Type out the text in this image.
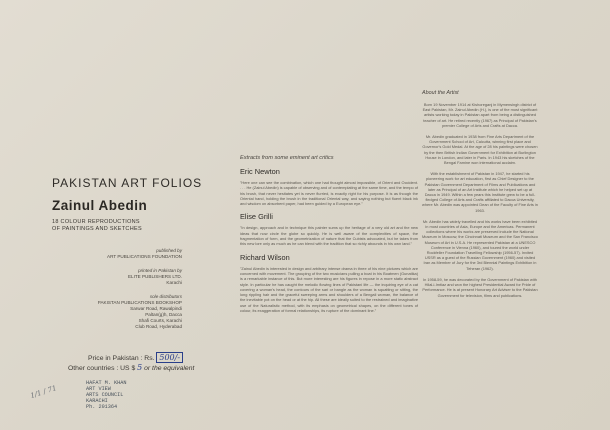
PAKISTAN ART FOLIOS
Zainul Abedin
18 COLOUR REPRODUCTIONS
OF PAINTINGS AND SKETCHES
published by
ART PUBLICATIONS FOUNDATION
printed in Pakistan by
ELITE PUBLISHERS LTD.
Karachi
sole distributors
PAKISTAN PUBLICATIONS BOOKSHOP
Sarwar Road, Rawalpindi
Paltan(g)h, Dacca
Shafi Courts, Karachi
Club Road, Hyderabad
Price in Pakistan : Rs. 500/-
Other countries : US $ 5 or the equivalent
HAFAT M. KHAN
ART VIEW
ARTS COUNCIL
KARACHI
Ph. 201364
1/1 / 71
Extracts from some eminent art critics
Eric Newton
"Here one can see the combination, which one had thought almost impossible, of Orient and Occident. . . . He (Zainul Abedin) is capable of observing and of contemplating at the same time, and the tempo of his brush, that never hesitates yet is never flurried, is exactly right for his purpose. It is as though the Oriental hand, holding the brush in the traditional Oriental way, and saying nothing but fluent black ink and wisdom on absorbent paper, had been guided by a European eye."
Elise Grilli
"In design, approach and in technique this painter sums up the heritage of a very old art and the new ideas that now circle the globe so quickly. He is well aware of the complexities of space, the fragmentation of form, and the geometrization of nature that the Cubists advocated, but he takes from this new lore only as much as he can blend with the tradition that so richly abounds in his own land."
Richard Wilson
"Zainul Abedin is interested in design and arbitrary intense drama in three of his nine pictures which are concerned with movement. The grouping of the two musicians pulling a boat in his Boatmen (Gunatika) is a remarkable instance of this. But more interesting are his figures in repose in a more static abstract style. In particular he has caught the melodic flowing lines of Pakistani life — the inquiring eye of a cat covering a woman's head, the contours of the sari or bangle as the woman is squatting or sitting, the long rippling hair and the graceful sweeping arms and shoulders of a Bengali woman, the balance of the inevitable pot on the head or at the hip. All these are ideally suited to the restrained and imaginative use of the Naturalistic method, with its emphasis on geometrical shapes, on the different tones of colour, its exaggeration of formal relationships, its rupture of the dominant line."
About the Artist
Born 19 November 1914 at Kishoreganj in Mymensingh district of East Pakistan, Mr. Zainul Abedin (H.), is one of the most significant artists working today in Pakistan apart from being a distinguished teacher of art. He retired recently (1967) as Principal of Pakistan's premier College of Arts and Crafts at Dacca.
Mr. Abedin graduated in 1938 from Fine Arts Department of the Government School of Art, Calcutta, winning first place and Governor's Gold Medal. At the age of 28 his paintings were chosen by the then British Indian Government for Exhibition at Burlington House in London, and later in Paris. In 1943 his sketches of the Bengal Famine won international acclaim.
With the establishment of Pakistan in 1947, he started his pioneering work for art education, first as Chief Designer to the Pakistan Government Department of Films and Publications and later as Principal of an Art Institute which he helped set up at Dacca in 1949. Within a few years this Institute grew to be a full-fledged College of Arts and Crafts affiliated to Dacca University, where Mr. Abedin was appointed Dean of the Faculty of Fine Arts in 1963.
Mr. Abedin has widely travelled and his works have been exhibited in most countries of Asia, Europe and the Americas. Permanent collections where his works are preserved include the National Museum in Moscow, the Cincinnati Museum and the San Francisco Museum of Art in U.S.A. He represented Pakistan at a UNESCO Conference in Vienna (1960), and toured the world under Rockfeller Foundation Travelling Fellowship (1956-57). Invited USSR as a guest of the Russian Government (1960) and visited Iran as Member of Jury for the 3rd Biennial Paintings Exhibition in Teheran (1962).
In 1958-59, he was decorated by the Government of Pakistan with Hilal-i-Imtiaz and won the highest Presidential Award for Pride of Performance. He is at present Honorary Art Adviser to the Pakistan Government for television, films and publications.
